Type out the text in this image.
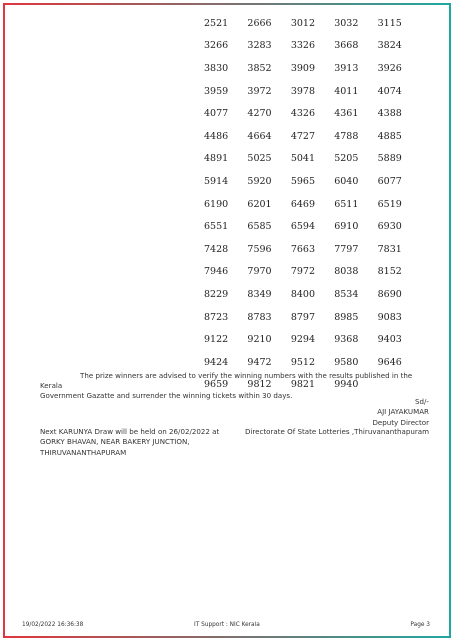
2521	2666	3012	3032	3115
3266	3283	3326	3668	3824
3830	3852	3909	3913	3926
3959	3972	3978	4011	4074
4077	4270	4326	4361	4388
4486	4664	4727	4788	4885
4891	5025	5041	5205	5889
5914	5920	5965	6040	6077
6190	6201	6469	6511	6519
6551	6585	6594	6910	6930
7428	7596	7663	7797	7831
7946	7970	7972	8038	8152
8229	8349	8400	8534	8690
8723	8783	8797	8985	9083
9122	9210	9294	9368	9403
9424	9472	9512	9580	9646
9659	9812	9821	9940
The prize winners are advised to verify the winning numbers with the results published in the Kerala
Government Gazatte and surrender the winning tickets within 30 days.
Sd/-
AJI JAYAKUMAR
Deputy Director
Next KARUNYA Draw will be held on 26/02/2022 at
GORKY BHAVAN, NEAR BAKERY JUNCTION,
THIRUVANANTHAPURAM
Directorate Of State Lotteries ,Thiruvananthapuram
19/02/2022 16:36:38	IT Support : NIC Kerala	Page 3
